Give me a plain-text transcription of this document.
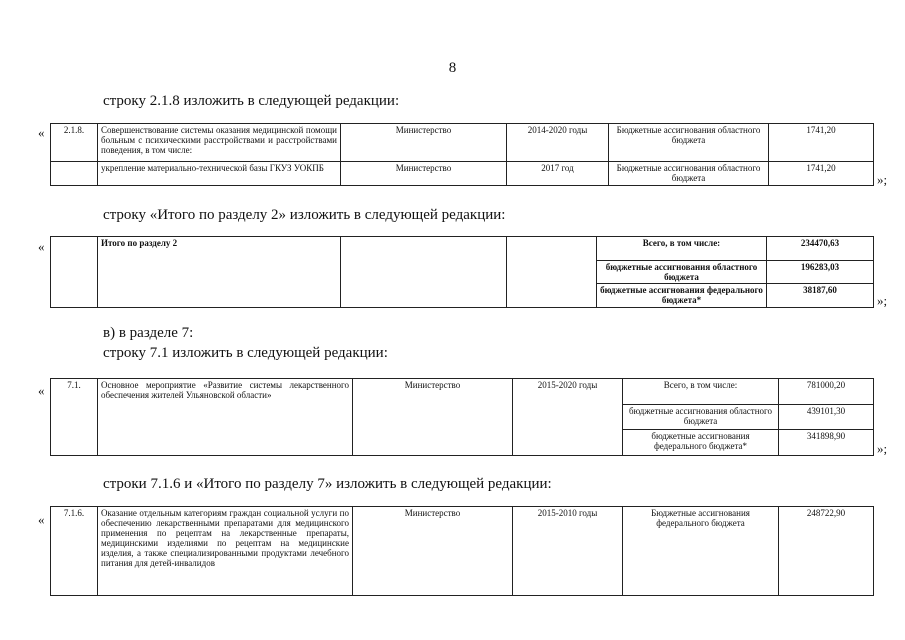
8
строку 2.1.8 изложить в следующей редакции:
« 2.1.8.	Совершенствование системы оказания медицинской помощи больным с психическими расстройствами и расстройствами поведения, в том числе:	Министерство	2014-2020 годы	Бюджетные ассигнования областного бюджета	1741,20
	укрепление материально-технической базы ГКУЗ УОКПБ	Министерство	2017 год	Бюджетные ассигнования областного бюджета	1741,20
»;
строку «Итого по разделу 2» изложить в следующей редакции:
«
		Итого по разделу 2			Всего, в том числе:	234470,63
				бюджетные ассигнования областного бюджета	196283,03
				бюджетные ассигнования федерального бюджета*	38187,60
»;
в) в разделе 7:
строку 7.1 изложить в следующей редакции:
«	7.1.	Основное мероприятие «Развитие системы лекарственного обеспечения жителей Ульяновской области»	Министерство	2015-2020 годы	Всего, в том числе:	781000,20
				бюджетные ассигнования областного бюджета	439101,30
				бюджетные ассигнования федерального бюджета*	341898,90
»;
строки 7.1.6 и «Итого по разделу 7» изложить в следующей редакции:
« 7.1.6.	Оказание отдельным категориям граждан социальной услуги по обеспечению лекарственными препаратами для медицинского применения по рецептам на лекарственные препараты, медицинскими изделиями по рецептам на медицинские изделия, а также специализированными продуктами лечебного питания для детей-инвалидов	Министерство	2015-2010 годы	Бюджетные ассигнования федерального бюджета	248722,90
